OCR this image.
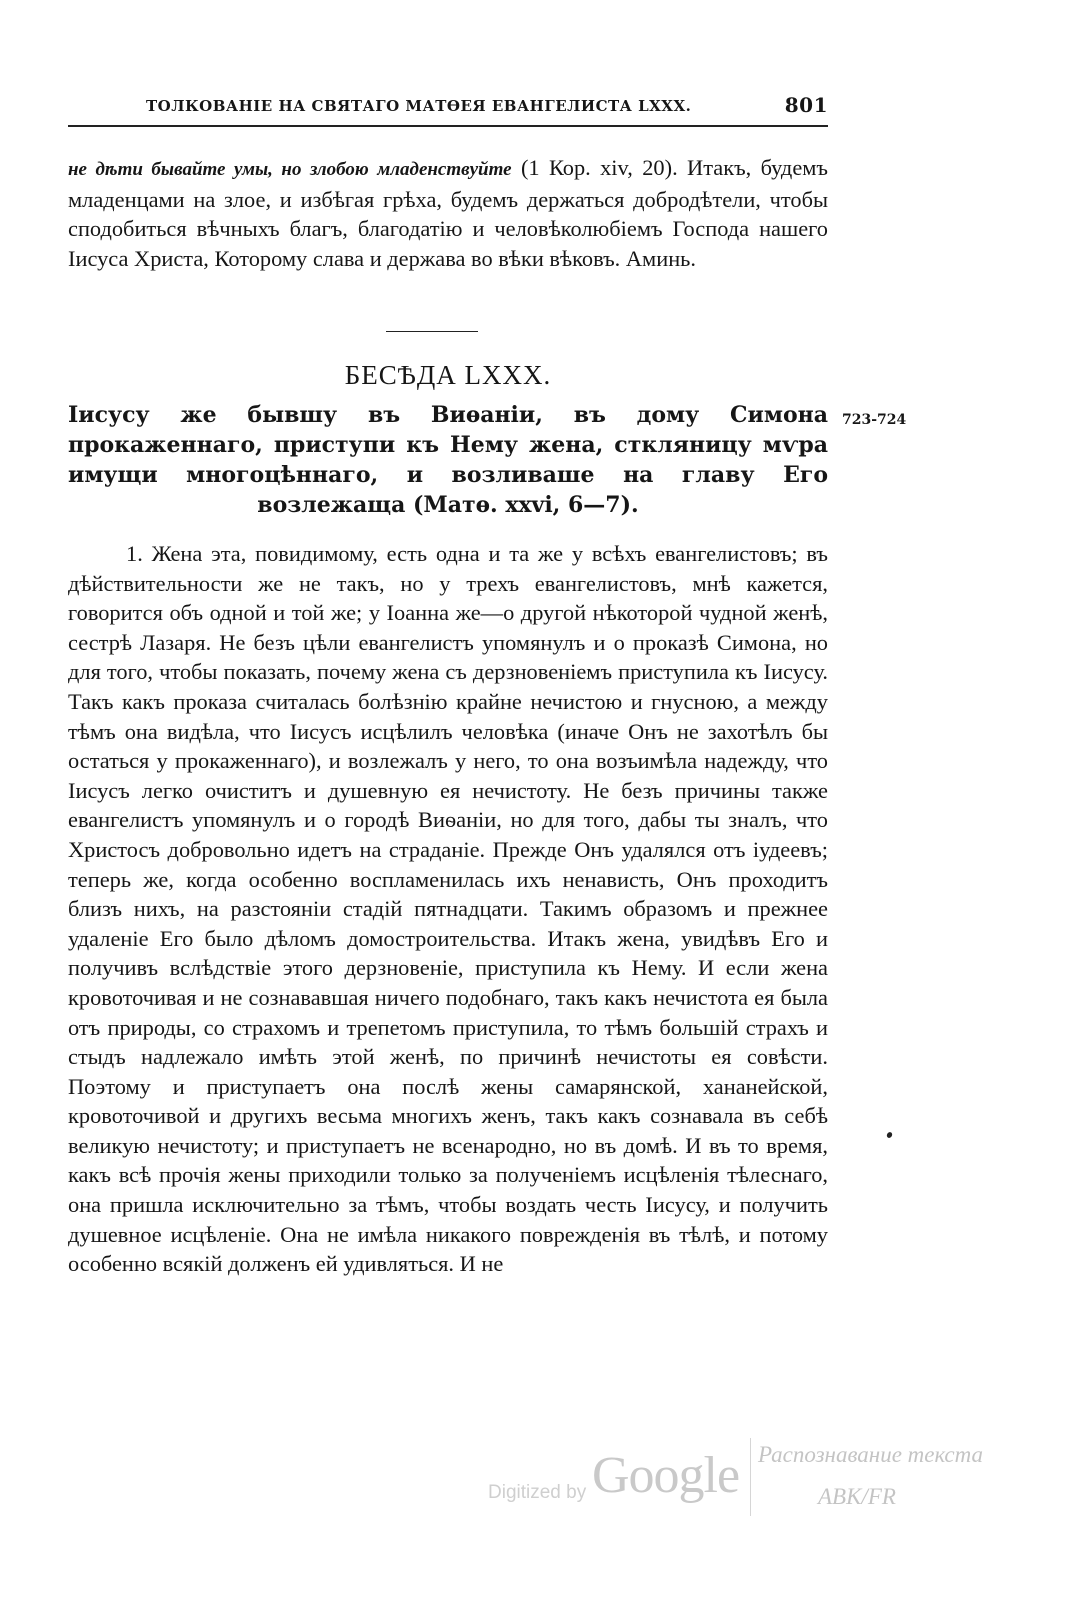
ТОЛКОВАНІЕ НА СВЯТАГО МАТѲЕЯ ЕВАНГЕЛИСТА LXXX.	801

не дѣти бывайте умы, но злобою младенствуйте (1 Кор. xiv, 20). Итакъ, будемъ младенцами на злое, и избѣгая грѣха, будемъ держаться добродѣтели, чтобы сподобиться вѣчныхъ благъ, благодатію и человѣколюбіемъ Господа нашего Іисуса Христа, Которому слава и держава во вѣки вѣковъ. Аминь.

БЕСѢДА LXXX.
Іисусу же бывшу въ Виѳаніи, въ дому Симона прокаженнаго, приступи къ Нему жена, сткляницу мѵра имущи многоцѣннаго, и возливаше на главу Его возлежаща (Матѳ. xxvi, 6—7).
723-724

1. Жена эта, повидимому, есть одна и та же у всѣхъ евангелистовъ; въ дѣйствительности же не такъ, но у трехъ евангелистовъ, мнѣ кажется, говорится объ одной и той же; у Іоанна же—о другой нѣкоторой чудной женѣ, сестрѣ Лазаря. Не безъ цѣли евангелистъ упомянулъ и о проказѣ Симона, но для того, чтобы показать, почему жена съ дерзновеніемъ приступила къ Іисусу. Такъ какъ проказа считалась болѣзнію крайне нечистою и гнусною, а между тѣмъ она видѣла, что Іисусъ исцѣлилъ человѣка (иначе Онъ не захотѣлъ бы остаться у прокаженнаго), и возлежалъ у него, то она возъимѣла надежду, что Іисусъ легко очиститъ и душевную ея нечистоту. Не безъ причины также евангелистъ упомянулъ и о городѣ Виѳаніи, но для того, дабы ты зналъ, что Христосъ добровольно идетъ на страданіе. Прежде Онъ удалялся отъ іудеевъ; теперь же, когда особенно воспламенилась ихъ ненависть, Онъ проходитъ близъ нихъ, на разстояніи стадій пятнадцати. Такимъ образомъ и прежнее удаленіе Его было дѣломъ домостроительства. Итакъ жена, увидѣвъ Его и получивъ вслѣдствіе этого дерзновеніе, приступила къ Нему. И если жена кровоточивая и не сознававшая ничего подобнаго, такъ какъ нечистота ея была отъ природы, со страхомъ и трепетомъ приступила, то тѣмъ большій страхъ и стыдъ надлежало имѣть этой женѣ, по причинѣ нечистоты ея совѣсти. Поэтому и приступаетъ она послѣ жены самарянской, хананейской, кровоточивой и другихъ весьма многихъ женъ, такъ какъ сознавала въ себѣ великую нечистоту; и приступаетъ не всенародно, но въ домѣ. И въ то время, какъ всѣ прочія жены приходили только за полученіемъ исцѣленія тѣлеснаго, она пришла исключительно за тѣмъ, чтобы воздать честь Іисусу, и получить душевное исцѣленіе. Она не имѣла никакого поврежденія въ тѣлѣ, и потому особенно всякій долженъ ей удивляться. И не

Digitized by Google Распознавание текста
ABK/FR
